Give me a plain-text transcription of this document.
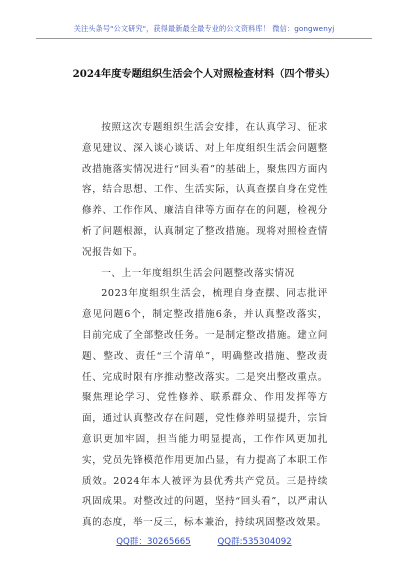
关注头条号"公文研究"，获得最新最全最专业的公文资料库！ 微信：gongwenyj
2024年度专题组织生活会个人对照检查材料（四个带头）

按照这次专题组织生活会安排，在认真学习、征求意见建议、深入谈心谈话、对上年度组织生活会问题整改措施落实情况进行“回头看”的基础上，聚焦四方面内容，结合思想、工作、生活实际，认真查摆自身在党性修养、工作作风、廉洁自律等方面存在的问题，检视分析了问题根源，认真制定了整改措施。现将对照检查情况报告如下。

一、上一年度组织生活会问题整改落实情况

2023年度组织生活会，梳理自身查摆、同志批评意见问题6个，制定整改措施6条，并认真整改落实，目前完成了全部整改任务。一是制定整改措施。建立问题、整改、责任“三个清单”，明确整改措施、整改责任、完成时限有序推动整改落实。二是突出整改重点。聚焦理论学习、党性修养、联系群众、作用发挥等方面，通过认真整改存在问题，党性修养明显提升，宗旨意识更加牢固，担当能力明显提高，工作作风更加扎实，党员先锋模范作用更加凸显，有力提高了本职工作质效。2024年本人被评为县优秀共产党员。三是持续巩固成果。对整改过的问题，坚持“回头看”，以严肃认真的态度，举一反三，标本兼治，持续巩固整改效果。

QQ群：30265665	QQ群:535304092
